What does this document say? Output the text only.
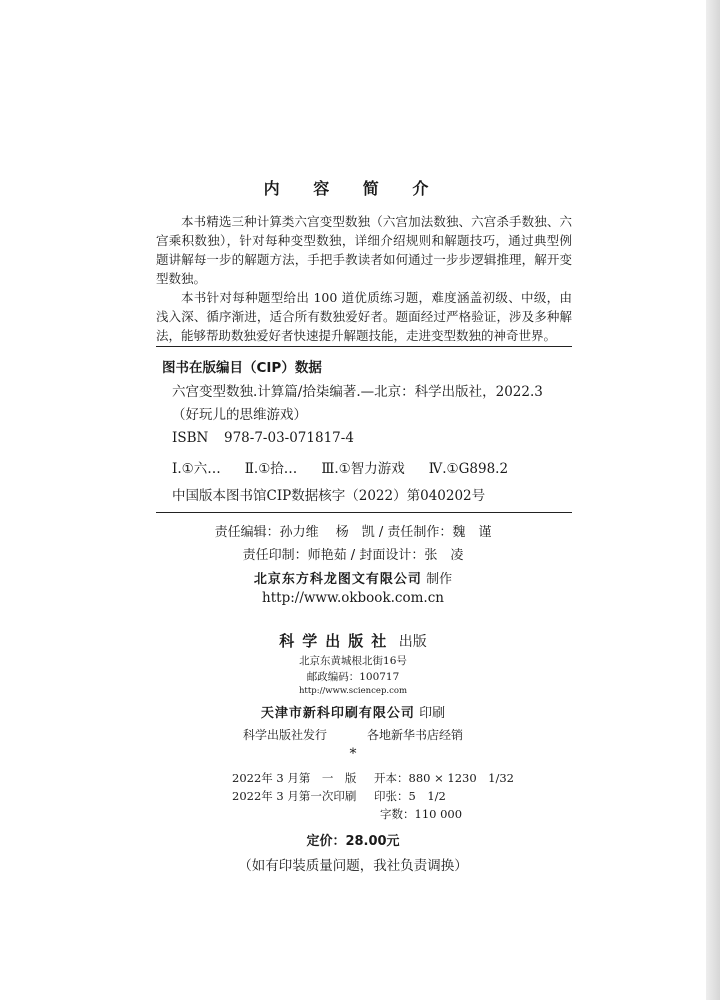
内 容 简 介

本书精选三种计算类六宫变型数独（六宫加法数独、六宫杀手数独、六宫乘积数独），针对每种变型数独，详细介绍规则和解题技巧，通过典型例题讲解每一步的解题方法，手把手教读者如何通过一步步逻辑推理，解开变型数独。

本书针对每种题型给出 100 道优质练习题，难度涵盖初级、中级，由浅入深、循序渐进，适合所有数独爱好者。题面经过严格验证，涉及多种解法，能够帮助数独爱好者快速提升解题技能，走进变型数独的神奇世界。

图书在版编目（CIP）数据
六宫变型数独.计算篇/拾柒编著.—北京：科学出版社，2022.3
（好玩儿的思维游戏）
ISBN 978-7-03-071817-4
Ⅰ.①六… Ⅱ.①拾… Ⅲ.①智力游戏 Ⅳ.①G898.2
中国版本图书馆CIP数据核字（2022）第040202号
责任编辑：孙力维　 杨　凯 / 责任制作：魏　谨
责任印制：师艳茹 / 封面设计：张　凌
北京东方科龙图文有限公司 制作
http://www.okbook.com.cn
科学出版社 出版
北京东黄城根北街16号
邮政编码：100717
http://www.sciencep.com
天津市新科印刷有限公司 印刷
科学出版社发行	各地新华书店经销
*
2022年 3 月第　一　版 开本：880 × 1230　1/32
2022年 3 月第一次印刷 印张：5　1/2
字数：110 000
定价：28.00元
（如有印装质量问题，我社负责调换）
